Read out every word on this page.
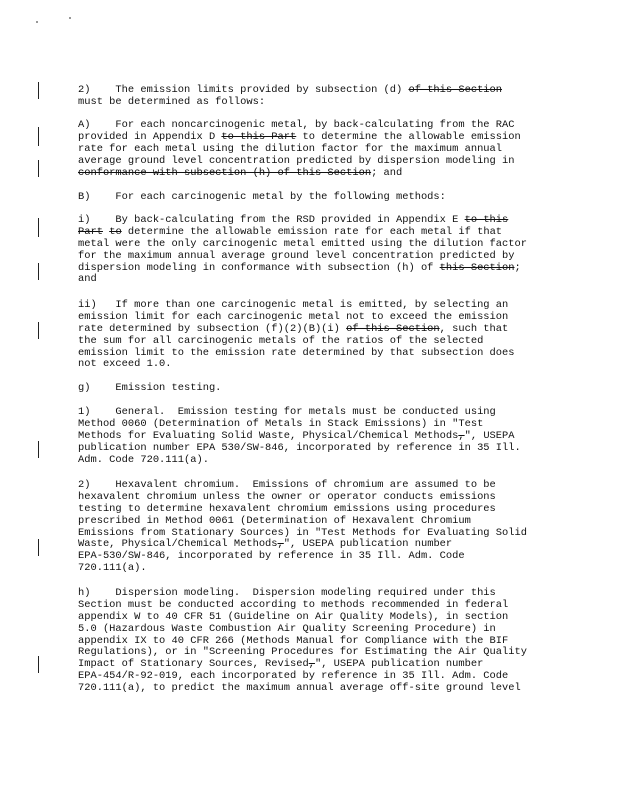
2)    The emission limits provided by subsection (d) of this Section
must be determined as follows:
A)    For each noncarcinogenic metal, by back-calculating from the RAC
provided in Appendix D to this Part to determine the allowable emission
rate for each metal using the dilution factor for the maximum annual
average ground level concentration predicted by dispersion modeling in
conformance with subsection (h) of this Section; and
B)    For each carcinogenic metal by the following methods:
i)    By back-calculating from the RSD provided in Appendix E to this
Part to determine the allowable emission rate for each metal if that
metal were the only carcinogenic metal emitted using the dilution factor
for the maximum annual average ground level concentration predicted by
dispersion modeling in conformance with subsection (h) of this Section;
and
ii)   If more than one carcinogenic metal is emitted, by selecting an
emission limit for each carcinogenic metal not to exceed the emission
rate determined by subsection (f)(2)(B)(i) of this Section, such that
the sum for all carcinogenic metals of the ratios of the selected
emission limit to the emission rate determined by that subsection does
not exceed 1.0.
g)    Emission testing.
1)    General.  Emission testing for metals must be conducted using
Method 0060 (Determination of Metals in Stack Emissions) in "Test
Methods for Evaluating Solid Waste, Physical/Chemical Methods,", USEPA
publication number EPA 530/SW-846, incorporated by reference in 35 Ill.
Adm. Code 720.111(a).
2)    Hexavalent chromium.  Emissions of chromium are assumed to be
hexavalent chromium unless the owner or operator conducts emissions
testing to determine hexavalent chromium emissions using procedures
prescribed in Method 0061 (Determination of Hexavalent Chromium
Emissions from Stationary Sources) in "Test Methods for Evaluating Solid
Waste, Physical/Chemical Methods,", USEPA publication number
EPA-530/SW-846, incorporated by reference in 35 Ill. Adm. Code
720.111(a).
h)    Dispersion modeling.  Dispersion modeling required under this
Section must be conducted according to methods recommended in federal
appendix W to 40 CFR 51 (Guideline on Air Quality Models), in section
5.0 (Hazardous Waste Combustion Air Quality Screening Procedure) in
appendix IX to 40 CFR 266 (Methods Manual for Compliance with the BIF
Regulations), or in "Screening Procedures for Estimating the Air Quality
Impact of Stationary Sources, Revised,", USEPA publication number
EPA-454/R-92-019, each incorporated by reference in 35 Ill. Adm. Code
720.111(a), to predict the maximum annual average off-site ground level
